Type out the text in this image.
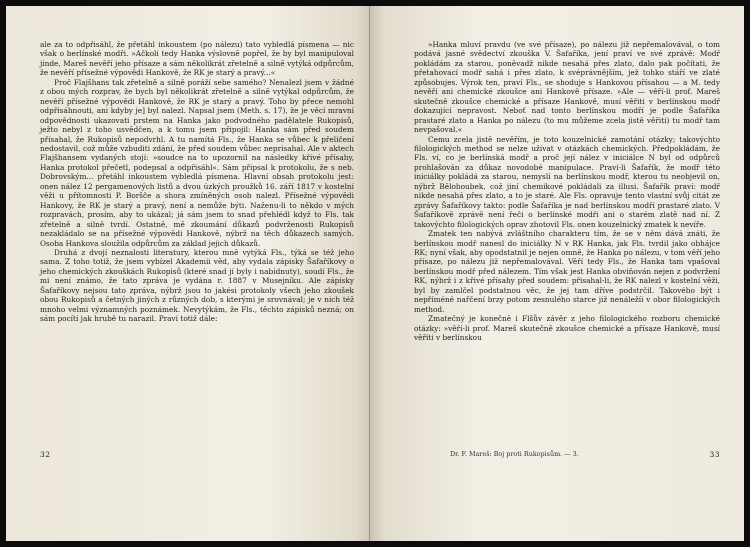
ale za to odpřisáhl, že přetáhl inkoustem (po nálezu) tato vybledlá písmena — nic však o berlínské modři. »Ačkoli tedy Hanka výslovně popřel, že by byl manipuloval jinde, Mareš nevěří jeho přísaze a sám několikrát zřetelně a silně vytýká odpůrcům, že nevěří přísežné výpovědi Hankově, že RK je starý a pravý...«

Proč Flajšhans tak zřetelně a silně poráží sebe samého? Nenalezl jsem v žádné z obou mých rozprav, že bych byl několikrát zřetelně a silně vytýkal odpůrcům, že nevěří přísežné výpovědi Hankově, že RK je starý a pravý. Toho by přece nemohl odpřisáhnouti, ani kdyby je] byl nalezl. Napsal jsem (Meth. s. 17), že je věcí mravní odpovědnosti ukazovati prstem na Hanka jako podvodného padělatele Rukopisů, ježto nebyl z toho usvědčen, a k tomu jsem připojil: Hanka sám před soudem přísahal, že Rukopisů nepodvrhl. A tu namítá Fls., že Hanka se vůbec k přeličení nedostavil, což může vzbuditi zdání, že před soudem vůbec neprisahal. Ale v aktech Flajšhansem vydaných stojí: »soudce na to upozornil na následky křivé přísahy, Hanka protokol přečetl, podepsal a odpřisáhl«. Sám připsal k protokolu, že s neb. Dobrovským... přetáhl inkoustem vybledlá písmena. Hlavní obsah protokolu jest: onen nález 12 pergamenových listů a dvou úzkých proužků 16. září 1817 v kostelní věži u přítomnosti P. Boršče a shora zmíněných osob nalezl. Přísežné výpovědi Hankovy, že RK je starý a pravý, není a nemůže býti. Naženu-li to někdo v mých rozpravách, prosím, aby to ukázal; já sám jsem to snad přehlédl když to Fls. tak zřetelně a silně tvrdí. Ostatně, mě zkoumání důkazů podvrženosti Rukopisů nezakládalo se na přísežné výpovědi Hankově, nýbrž na těch důkazech samých. Osoba Hankova sloužila odpůrcům za základ jejich důkazů.

Druhá z dvojí neznalosti literatury, kterou mně vytýká Fls., týká se též jeho sama. Z toho totiž, že jsem vybízel Akademii věd, aby vydala zápisky Šafaříkovy o jeho chemických zkouškách Rukopisů (které snad jí byly i nabídnuty), soudí Fls., že mi není známo, že tato zpráva je vydána r. 1887 v Musejníku. Ale zápisky Šafaříkovy nejsou tato zpráva, nýbrž jsou to jakési protokoly všech jeho zkoušek obou Rukopisů a četných jiných z různých dob, s kterými je srovnával; je v nich též mnoho velmi významných poznámek. Nevytýkám, že Fls., těchto zápisků nezná; on sám pocítí jak hrubě tu narazil. Praví totiž dále:

32

»Hanka mluví pravdu (ve své přísaze), po nálezu již nepřemalovával, o tom podává jasné svědectví zkouška V. Šafaříka, jení praví ve své zprávě: Modř pokládám za starou, poněvadž nikde nesahá přes zlato, dalo pak počítati, že přetahovací modř sahá i přes zlato, k svéprávnějším, jež tohko stáří ve zlaté způsobujes. Výrok ten, praví Fls., se shoduje s Hankovou přísahou — a M. tedy nevěří ani chemické zkoušce ani Hankově přísaze. »Ale — věří-li prof. Mareš skutečně zkoušce chemické a přísaze Hankově, musí věřiti v berlínskou modř dokazující nepravost. Neboť nad tonto berlínskou modří je podle Šafaříka prastaré zlato a Hanka po nálezu (to mu můžeme zcela jistě věřiti) tu modř tam nevpašoval.«

Cemu zcela jistě nevěřím, je toto kouzelnické zamotání otázky; takovýchto filologických method se nelze užívat v otázkách chemických. Předpokládám, že Fls. ví, co je berlínská modř a proč její nález v iniciálce N byl od odpůrců prohlašován za důkaz novodobé manipulace. Praví-li Šafařík, že modř této iniciálky pokládá za starou, nemyslí na berlínskou modř, kterou tu neobjevil on, nýbrž Bělohoubek, což jiní chemikové pokládali za illusi. Šafařík praví: modř nikde nesahá přes zlato, a to je staré. Ale Fls. opravuje tento vlastní svůj citát ze zprávy Šafaříkovy takto: podle Šafaříka je nad berlínskou modří prastaré zlato. V Šafaříkově zprávě není řeči o berlínské modři ani o starém zlatě nad ní. Z takovýchto filologických oprav zhotovil Fls. onen kouzelnický zmatek k nevíře.

Zmatek ten nabývá zvláštního charakteru tím, že se v něm dává znáti, že berlínskou modř nanesl do iniciálky N v RK Hanka, jak Fls. tvrdil jako obhájce RK; nyní však, aby opodstatnil je nejen omně, že Hanka po nálezu, v tom věří jeho přísaze, po nálezu již nepřemalovával. Věří tedy Fls., že Hanka tam vpašoval berlínskou modř před nálezem. Tím však jest Hanka obviňován nejen z podvržení RK, nýbrž i z křivé přísahy před soudem: přisahal-li, že RK nalezl v kostelní věži, byl by zamlčel podstatnou věc, že jej tam dříve podstrčil. Takového být i nepříméné nařčení brzy potom zesnulého starce již nenáležíi v obor filologických method.

Zmatečný je konečně i Flšův závěr z jeho filologického rozboru chemické otázky: »věří-li prof. Mareš skutečně zkoušce chemické a přísaze Hankově, musí věřiti v berlínskou

Dr. F. Mareš: Boj proti Rukopisům. — 3.	33
